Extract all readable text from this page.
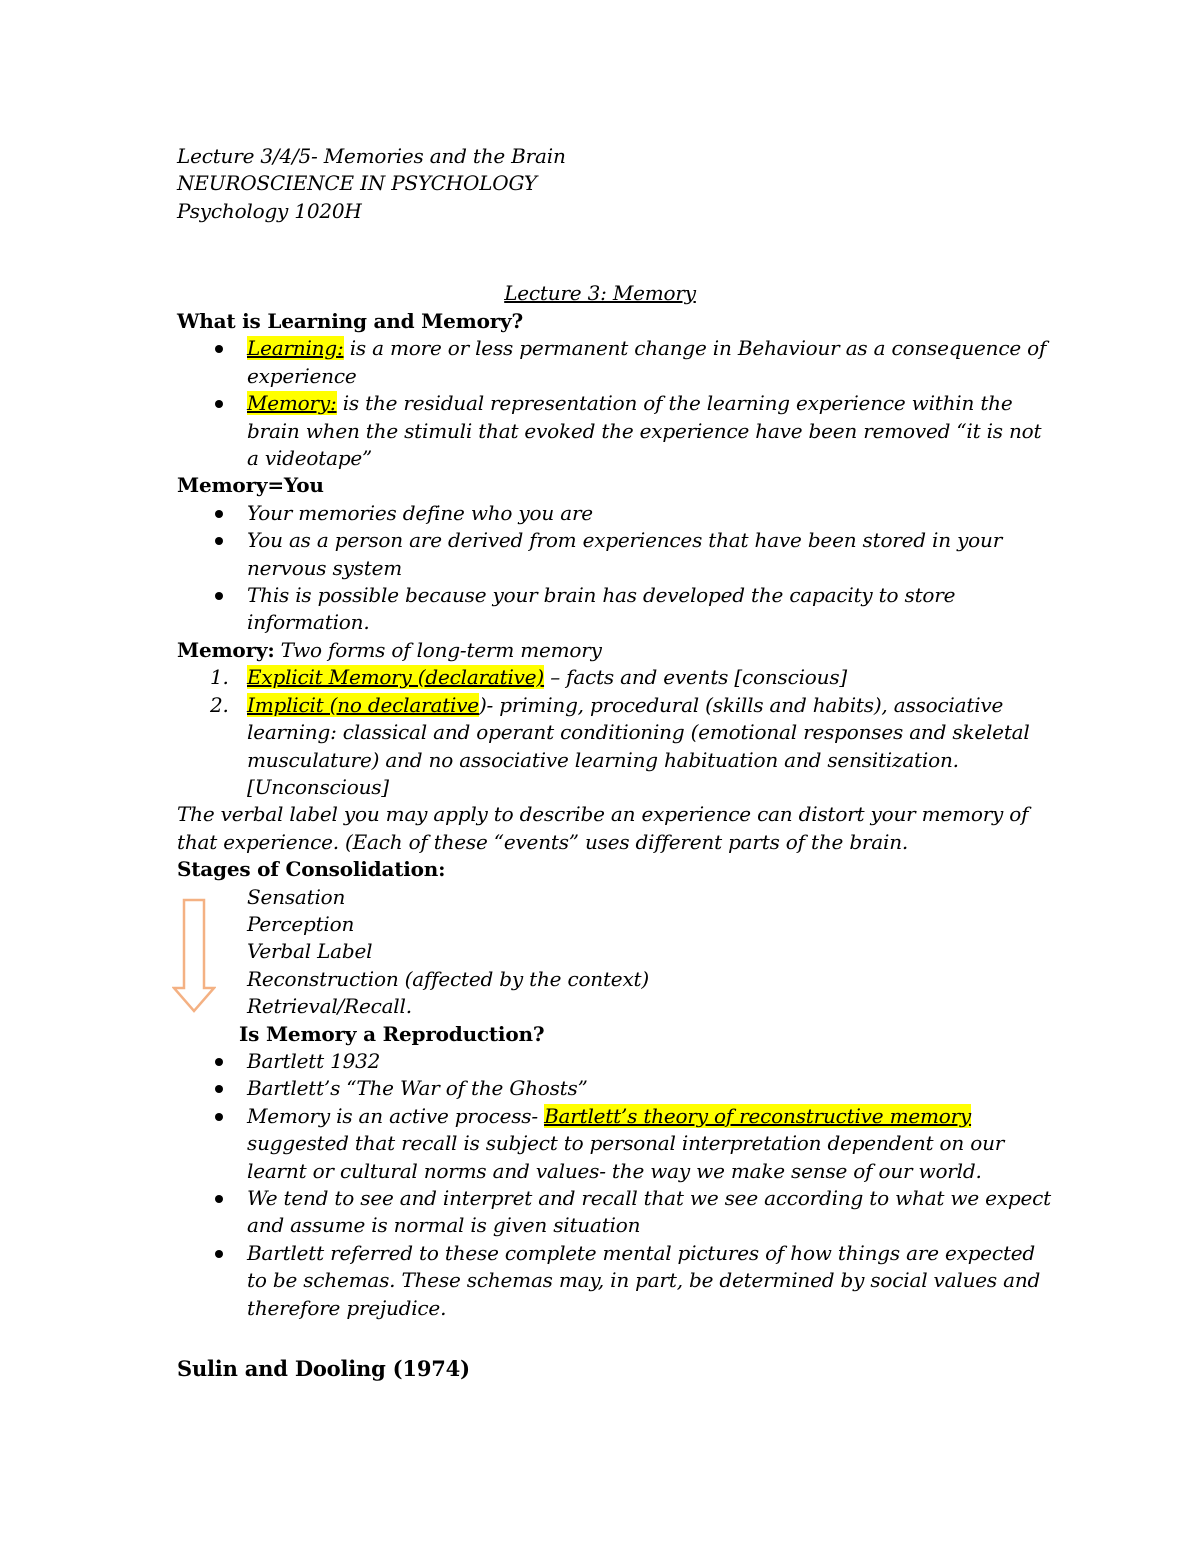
Lecture 3/4/5- Memories and the Brain
NEUROSCIENCE IN PSYCHOLOGY
Psychology 1020H
Lecture 3: Memory
What is Learning and Memory?
Learning: is a more or less permanent change in Behaviour as a consequence of
experience
Memory: is the residual representation of the learning experience within the
brain when the stimuli that evoked the experience have been removed “it is not
a videotape”
Memory=You
Your memories define who you are
You as a person are derived from experiences that have been stored in your
nervous system
This is possible because your brain has developed the capacity to store
information.
Memory: Two forms of long-term memory
1. Explicit Memory (declarative) – facts and events [conscious]
2. Implicit (no declarative)- priming, procedural (skills and habits), associative
learning: classical and operant conditioning (emotional responses and skeletal
musculature) and no associative learning habituation and sensitization.
[Unconscious]
The verbal label you may apply to describe an experience can distort your memory of
that experience. (Each of these “events” uses different parts of the brain.
Stages of Consolidation:
Sensation
Perception
Verbal Label
Reconstruction (affected by the context)
Retrieval/Recall.
Is Memory a Reproduction?
Bartlett 1932
Bartlett’s “The War of the Ghosts”
Memory is an active process- Bartlett’s theory of reconstructive memory
suggested that recall is subject to personal interpretation dependent on our
learnt or cultural norms and values- the way we make sense of our world.
We tend to see and interpret and recall that we see according to what we expect
and assume is normal is given situation
Bartlett referred to these complete mental pictures of how things are expected
to be schemas. These schemas may, in part, be determined by social values and
therefore prejudice.
Sulin and Dooling (1974)
